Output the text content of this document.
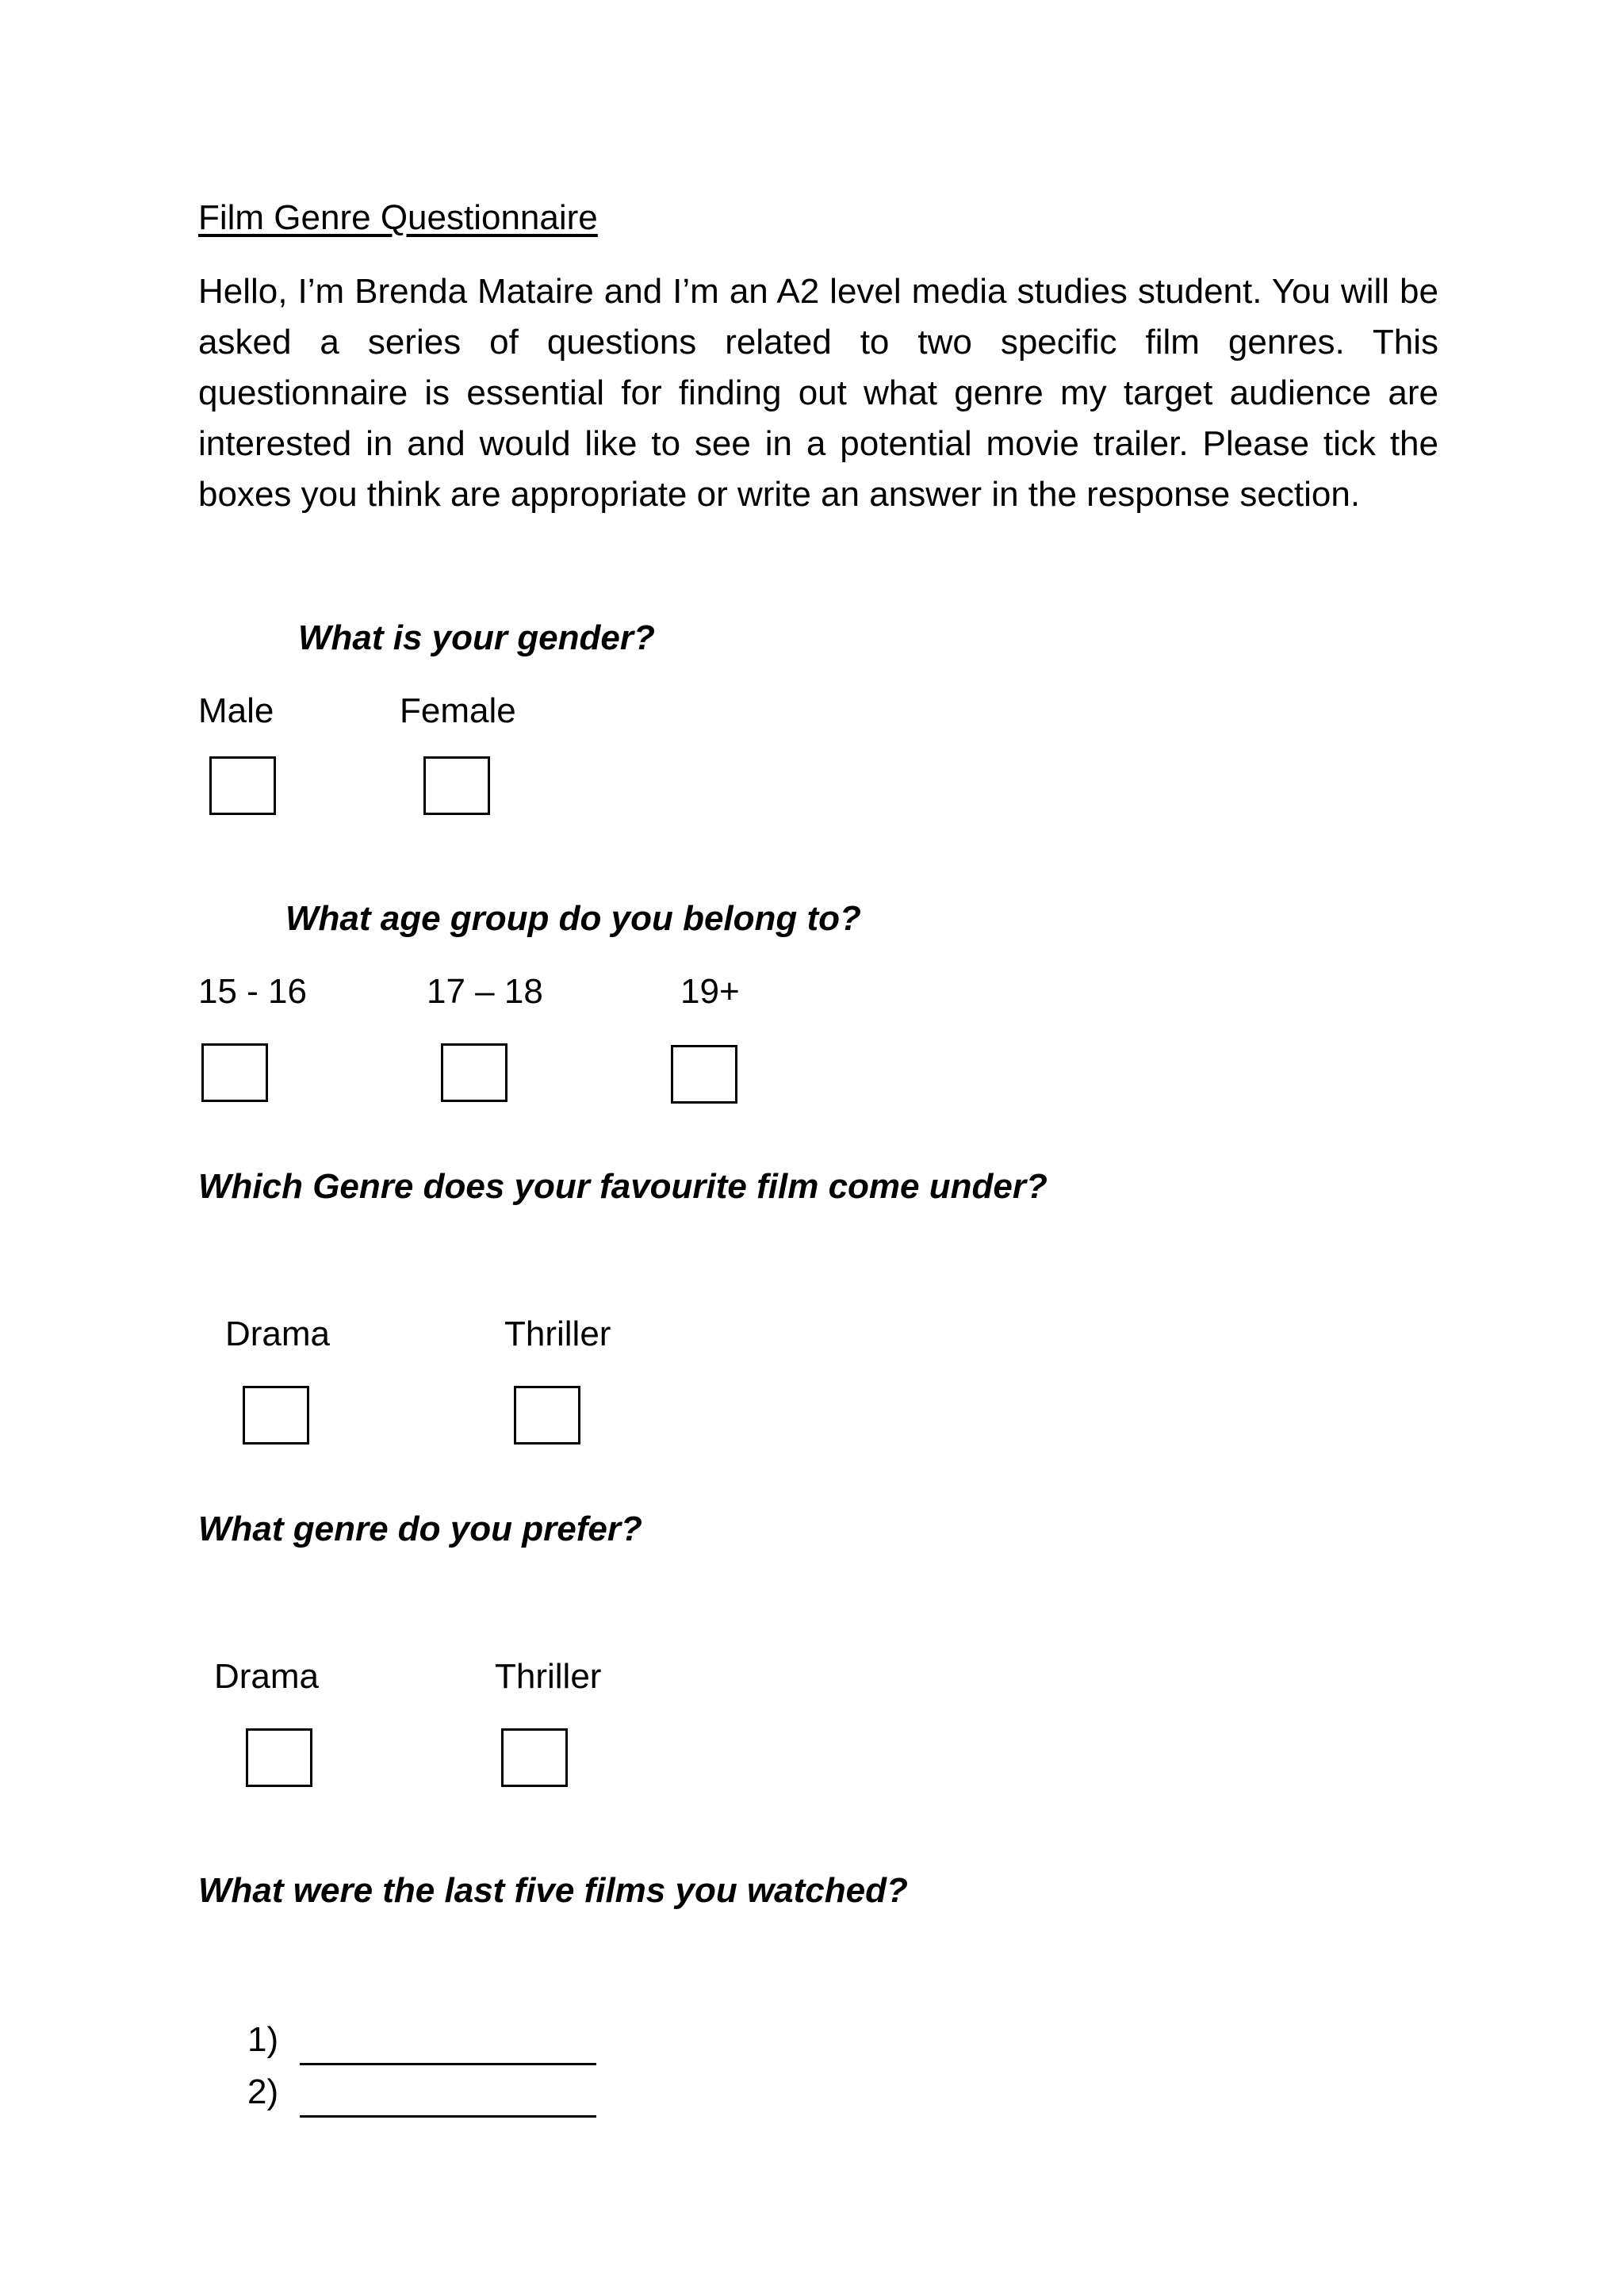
Film Genre Questionnaire
Hello, I’m Brenda Mataire and I’m an A2 level media studies student. You will be asked a series of questions related to two specific film genres. This questionnaire is essential for finding out what genre my target audience are interested in and would like to see in a potential movie trailer. Please tick the boxes you think are appropriate or write an answer in the response section.
What is your gender?
Male	Female
What age group do you belong to?
15 - 16	17 – 18	19+
Which Genre does your favourite film come under?
Drama	Thriller
What genre do you prefer?
Drama	Thriller
What were the last five films you watched?
1)
2)
